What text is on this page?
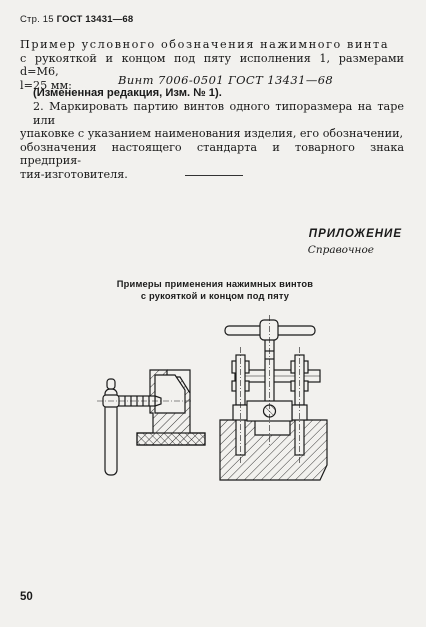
Стр. 15 ГОСТ 13431—68
Пример условного обозначения нажимного винта
с рукояткой и концом под пяту исполнения 1, размерами d=M6,
l=25 мм:	Винт 7006-0501 ГОСТ 13431—68
(Измененная редакция, Изм. № 1).
2. Маркировать партию винтов одного типоразмера на таре или
упаковке с указанием наименования изделия, его обозначении,
обозначения настоящего стандарта и товарного знака предприя-
тия-изготовителя.
ПРИЛОЖЕНИЕ
Справочное
Примеры применения нажимных винтов
с рукояткой и концом под пяту
50
